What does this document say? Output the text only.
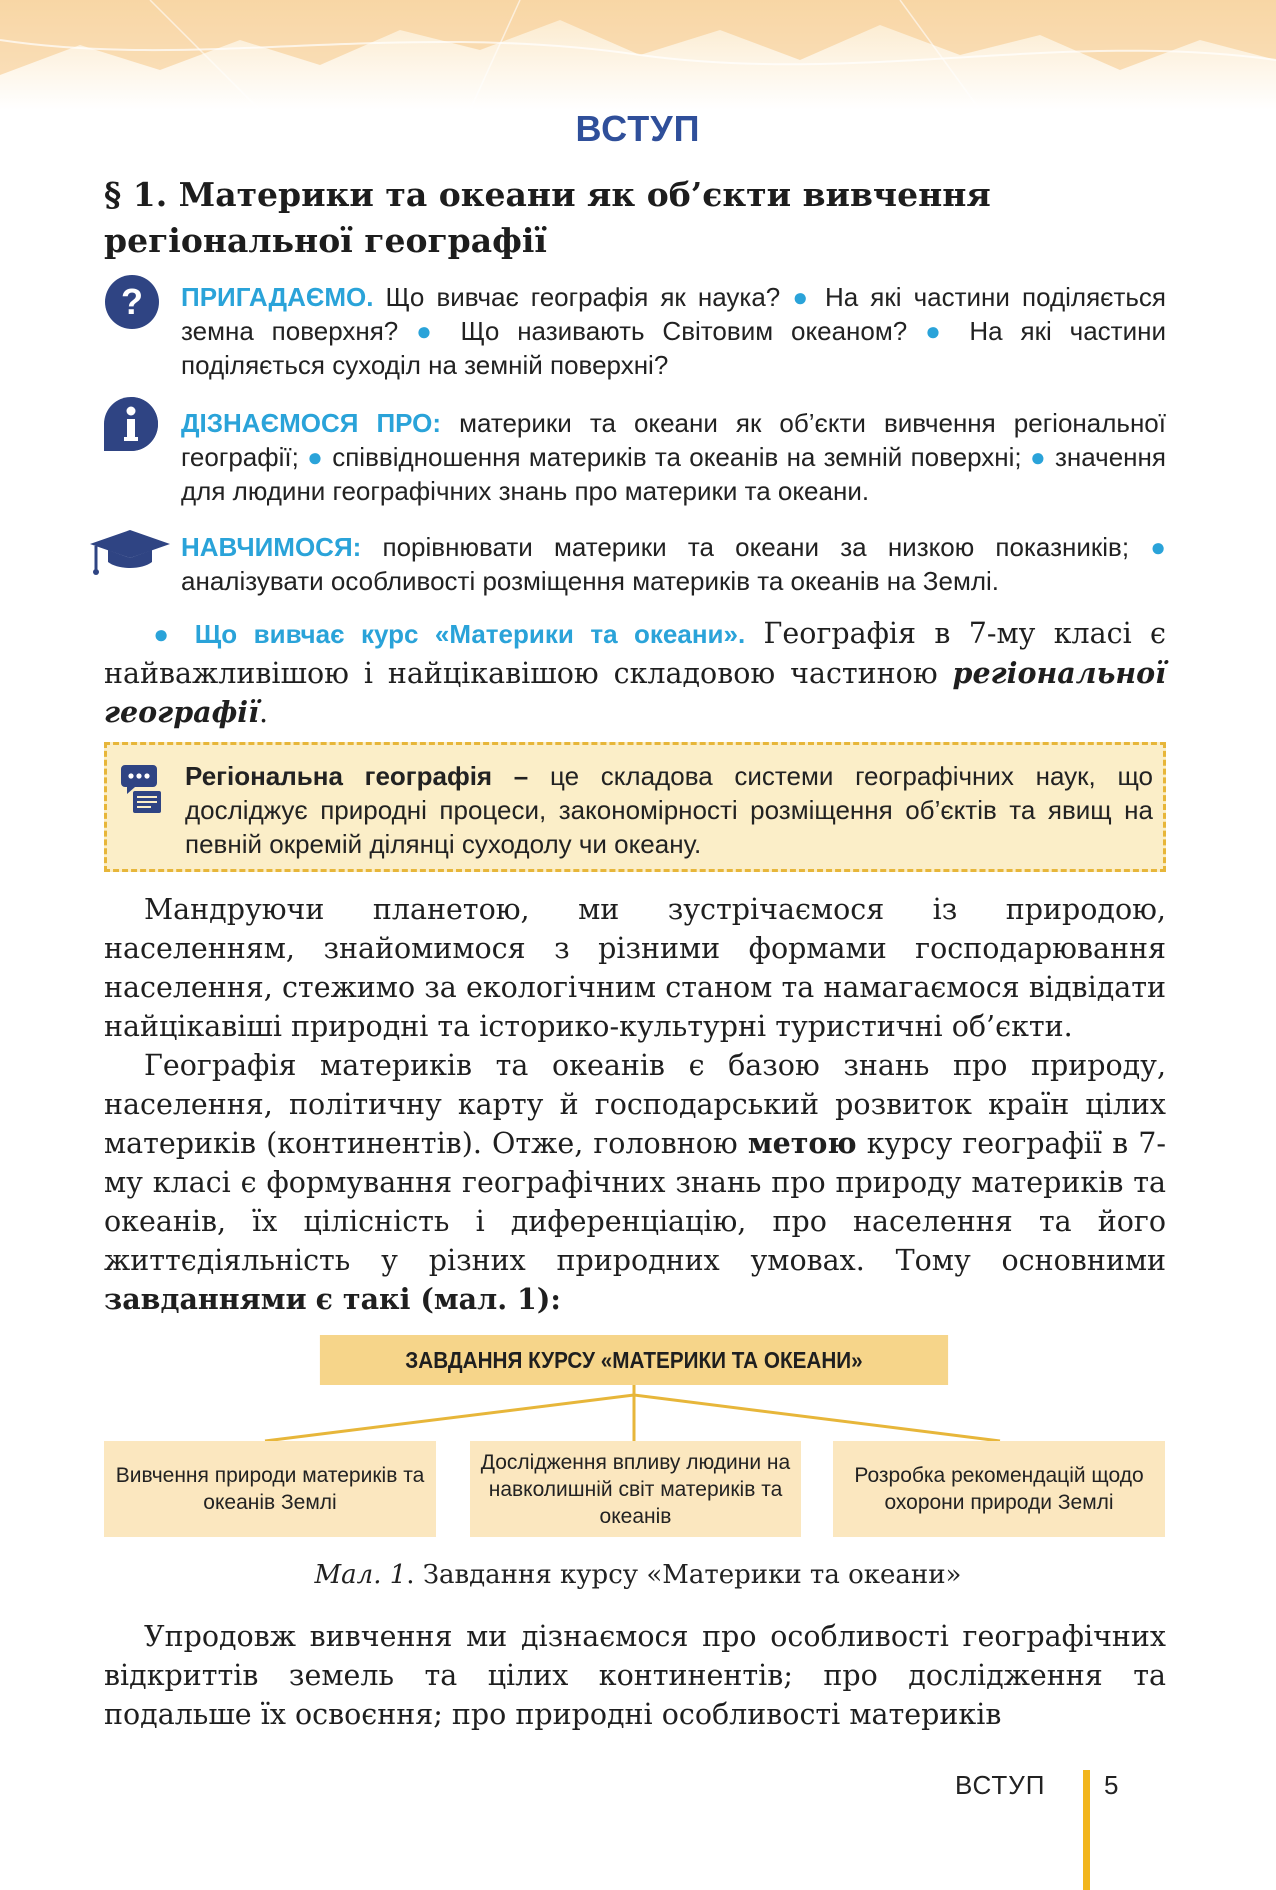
ВСТУП
§ 1. Материки та океани як об’єкти вивчення
регіональної географії
? ПРИГАДАЄМО. Що вивчає географія як наука? ● На які частини поділяється земна поверхня? ● Що називають Світовим океаном? ● На які частини поділяється суходіл на земній поверхні?
ДІЗНАЄМОСЯ ПРО: материки та океани як об’єкти вивчення регіональної географії; ● співвідношення материків та океанів на земній поверхні; ● значення для людини географічних знань про материки та океани.
НАВЧИМОСЯ: порівнювати материки та океани за низкою показників; ● аналізувати особливості розміщення материків та океанів на Землі.
● Що вивчає курс «Материки та океани». Географія в 7-му класі є найважливішою і найцікавішою складовою частиною регіональної географії.
Регіональна географія – це складова системи географічних наук, що досліджує природні процеси, закономірності розміщення об’єктів та явищ на певній окремій ділянці суходолу чи океану.

Мандруючи планетою, ми зустрічаємося із природою, населенням, знайомимося з різними формами господарювання населення, стежимо за екологічним станом та намагаємося відвідати найцікавіші природні та історико-культурні туристичні об’єкти.

Географія материків та океанів є базою знань про природу, населення, політичну карту й господарський розвиток країн цілих материків (континентів). Отже, головною метою курсу географії в 7-му класі є формування географічних знань про природу материків та океанів, їх цілісність і диференціацію, про населення та його життєдіяльність у різних природних умовах. Тому основними завданнями є такі (мал. 1):

ЗАВДАННЯ КУРСУ «МАТЕРИКИ ТА ОКЕАНИ»
Вивчення природи материків та океанів Землі
Дослідження впливу людини на навколишній світ материків та океанів
Розробка рекомендацій щодо охорони природи Землі
Мал. 1. Завдання курсу «Материки та океани»

Упродовж вивчення ми дізнаємося про особливості географічних відкриттів земель та цілих континентів; про дослідження та подальше їх освоєння; про природні особливості материків

ВСТУП 5
